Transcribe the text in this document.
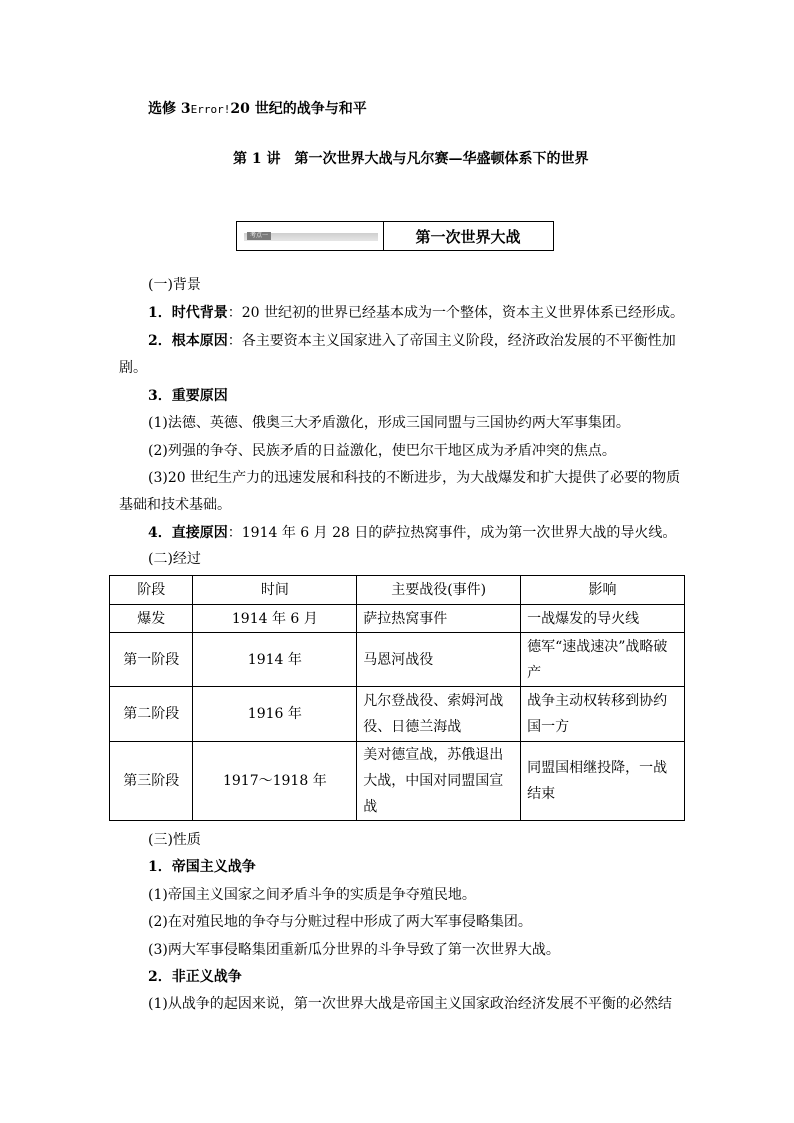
选修 3Error!20 世纪的战争与和平
第 1 讲　第一次世界大战与凡尔赛—华盛顿体系下的世界
考点一	第一次世界大战
(一)背景
1．时代背景：20 世纪初的世界已经基本成为一个整体，资本主义世界体系已经形成。
2．根本原因：各主要资本主义国家进入了帝国主义阶段，经济政治发展的不平衡性加
剧。
3．重要原因
(1)法德、英德、俄奥三大矛盾激化，形成三国同盟与三国协约两大军事集团。
(2)列强的争夺、民族矛盾的日益激化，使巴尔干地区成为矛盾冲突的焦点。
(3)20 世纪生产力的迅速发展和科技的不断进步，为大战爆发和扩大提供了必要的物质
基础和技术基础。
4．直接原因：1914 年 6 月 28 日的萨拉热窝事件，成为第一次世界大战的导火线。
(二)经过
阶段	时间	主要战役(事件)	影响
爆发	1914 年 6 月	萨拉热窝事件	一战爆发的导火线
第一阶段	1914 年	马恩河战役	德军“速战速决”战略破产
第二阶段	1916 年	凡尔登战役、索姆河战役、日德兰海战	战争主动权转移到协约国一方
第三阶段	1917～1918 年	美对德宣战，苏俄退出大战，中国对同盟国宣战	同盟国相继投降，一战结束
(三)性质
1．帝国主义战争
(1)帝国主义国家之间矛盾斗争的实质是争夺殖民地。
(2)在对殖民地的争夺与分赃过程中形成了两大军事侵略集团。
(3)两大军事侵略集团重新瓜分世界的斗争导致了第一次世界大战。
2．非正义战争
(1)从战争的起因来说，第一次世界大战是帝国主义国家政治经济发展不平衡的必然结
